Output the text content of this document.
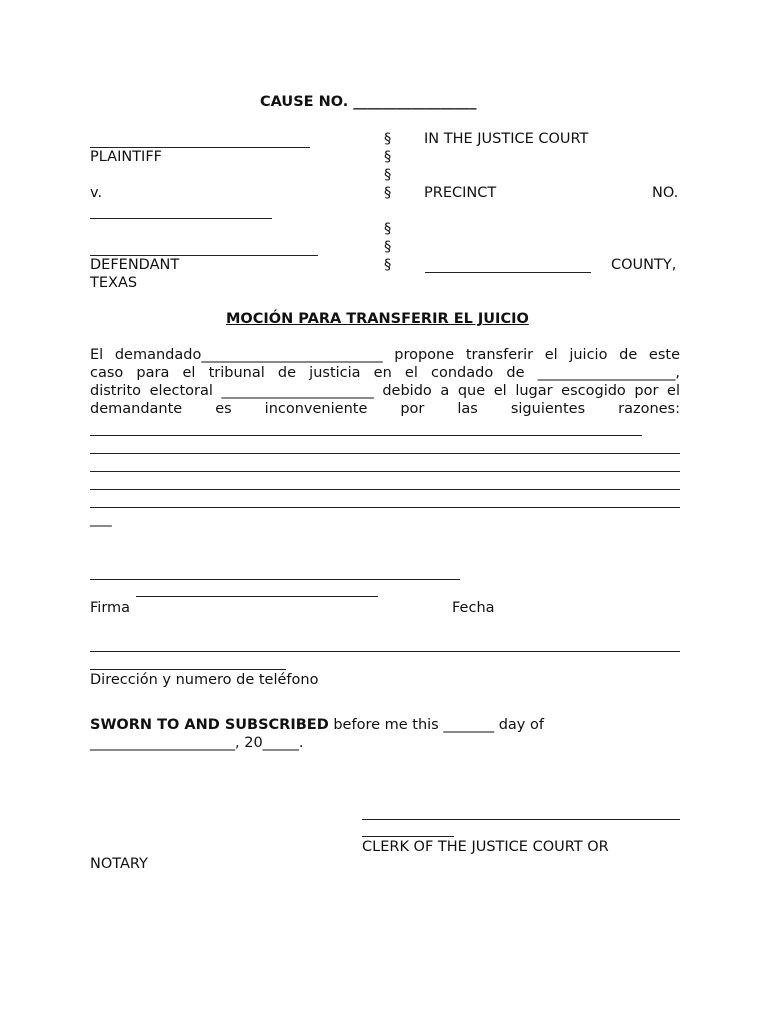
CAUSE NO. _________________
PLAINTIFF
v.
DEFENDANT
TEXAS
§
§
§
§
§
§
§
IN THE JUSTICE COURT
PRECINCT	NO.
COUNTY,
MOCIÓN PARA TRANSFERIR EL JUICIO
El demandado_________________________ propone transferir el juicio de este
caso para el tribunal de justicia en el condado de ___________________,
distrito electoral _____________________ debido a que el lugar escogido por el
demandante es inconveniente por las siguientes razones:
___
Firma	Fecha
Dirección y numero de teléfono
SWORN TO AND SUBSCRIBED before me this _______ day of
____________________, 20_____.
CLERK OF THE JUSTICE COURT OR
NOTARY
